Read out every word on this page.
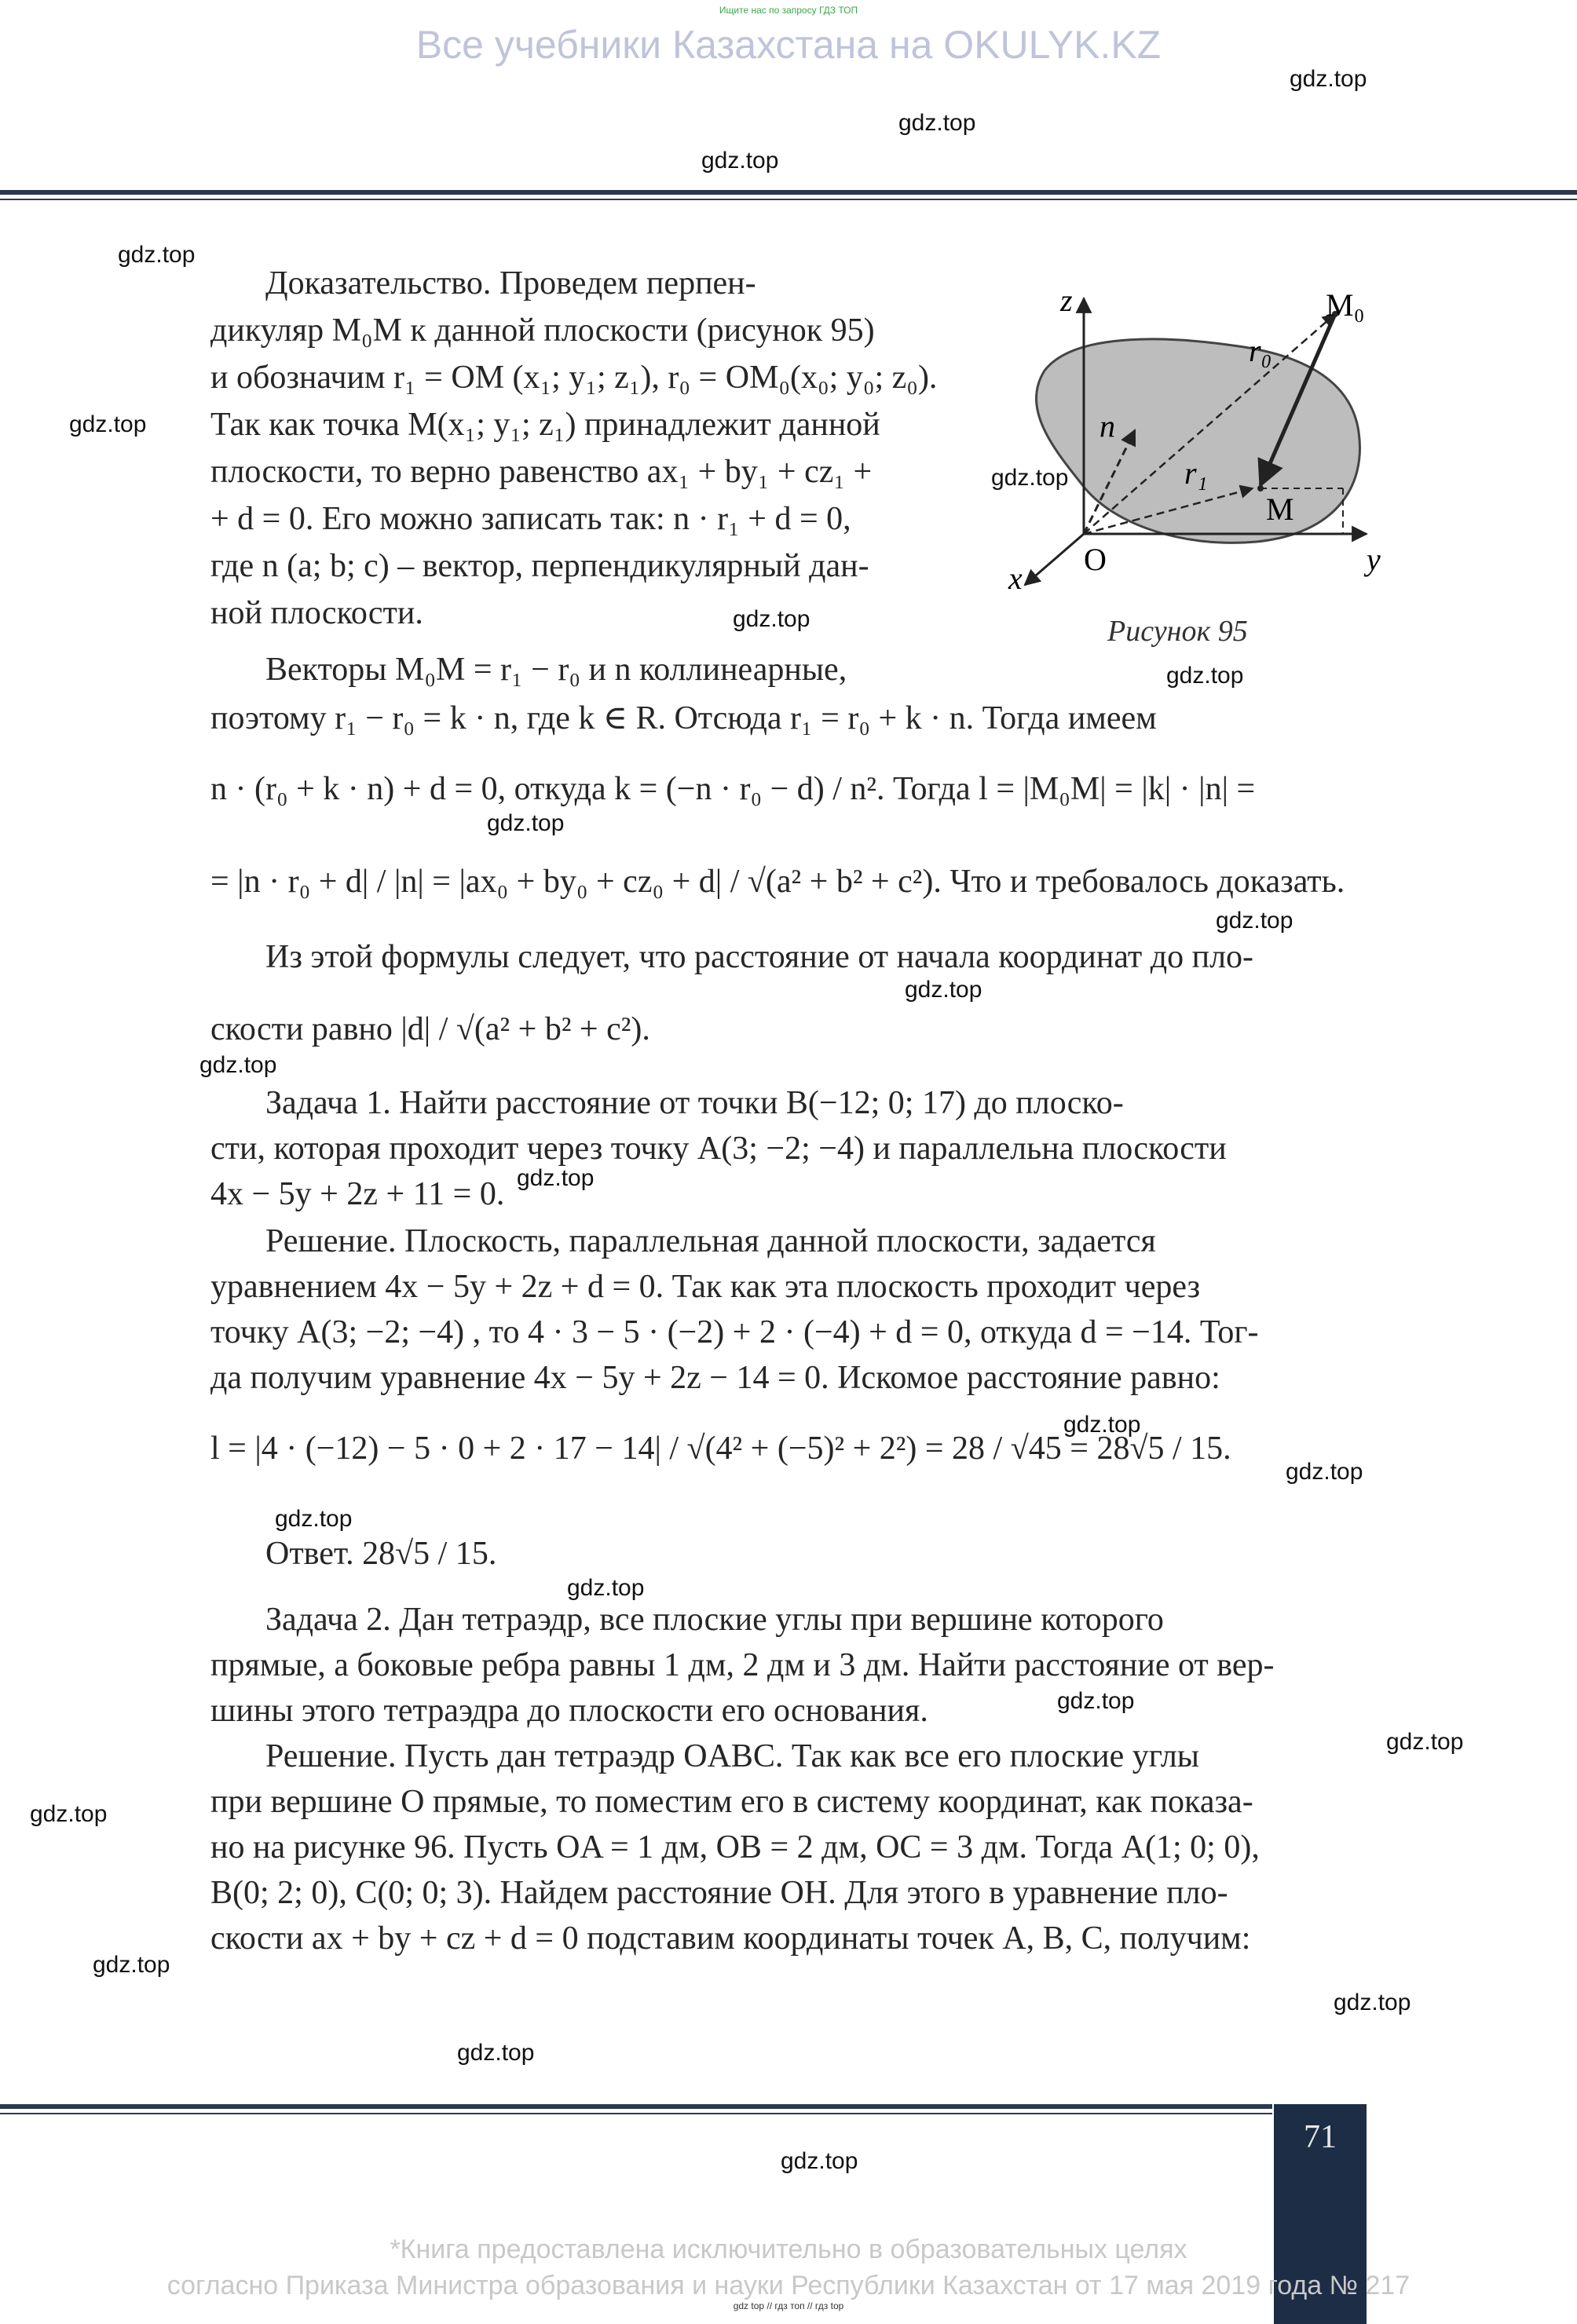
Ищите нас по запросу ГДЗ ТОП
Все учебники Казахстана на OKULYK.KZ
gdz.top
gdz.top
gdz.top
gdz.top
gdz.top
gdz.top
gdz.top
gdz.top
gdz.top
gdz.top
gdz.top
gdz.top
gdz.top
gdz.top
gdz.top
gdz.top
gdz.top
gdz.top
gdz.top
gdz.top
gdz.top
gdz.top
gdz.top
gdz.top
z
y
x
O
M₀
M
r₀
r₁
n
Рисунок 95
Доказательство. Проведем перпен-
дикуляр M₀M к данной плоскости (рисунок 95)
и обозначим r₁ = OM (x₁; y₁; z₁), r₀ = OM₀(x₀; y₀; z₀).
Так как точка M(x₁; y₁; z₁) принадлежит данной
плоскости, то верно равенство ax₁ + by₁ + cz₁ +
+ d = 0. Его можно записать так: n · r₁ + d = 0,
где n (a; b; c) – вектор, перпендикулярный дан-
ной плоскости.
Векторы M₀M = r₁ − r₀ и n коллинеарные,
поэтому r₁ − r₀ = k · n, где k ∈ R. Отсюда r₁ = r₀ + k · n. Тогда имеем
n · (r₀ + k · n) + d = 0, откуда k = (−n · r₀ − d) / n². Тогда l = |M₀M| = |k| · |n| =
= |n · r₀ + d| / |n| = |ax₀ + by₀ + cz₀ + d| / √(a² + b² + c²). Что и требовалось доказать.
Из этой формулы следует, что расстояние от начала координат до пло-
скости равно |d| / √(a² + b² + c²).
Задача 1. Найти расстояние от точки B(−12; 0; 17) до плоско-
сти, которая проходит через точку A(3; −2; −4) и параллельна плоскости
4x − 5y + 2z + 11 = 0.
Решение. Плоскость, параллельная данной плоскости, задается
уравнением 4x − 5y + 2z + d = 0. Так как эта плоскость проходит через
точку A(3; −2; −4) , то 4 · 3 − 5 · (−2) + 2 · (−4) + d = 0, откуда d = −14. Тог-
да получим уравнение 4x − 5y + 2z − 14 = 0. Искомое расстояние равно:
l = |4 · (−12) − 5 · 0 + 2 · 17 − 14| / √(4² + (−5)² + 2²) = 28 / √45 = 28√5 / 15.
Ответ. 28√5 / 15.
Задача 2. Дан тетраэдр, все плоские углы при вершине которого
прямые, а боковые ребра равны 1 дм, 2 дм и 3 дм. Найти расстояние от вер-
шины этого тетраэдра до плоскости его основания.
Решение. Пусть дан тетраэдр OABC. Так как все его плоские углы
при вершине O прямые, то поместим его в систему координат, как показа-
но на рисунке 96. Пусть OA = 1 дм, OB = 2 дм, OC = 3 дм. Тогда A(1; 0; 0),
B(0; 2; 0), C(0; 0; 3). Найдем расстояние OH. Для этого в уравнение пло-
скости ax + by + cz + d = 0 подставим координаты точек A, B, C, получим:
71
*Книга предоставлена исключительно в образовательных целях
согласно Приказа Министра образования и науки Республики Казахстан от 17 мая 2019 года № 217
gdz top // гдз топ // гдз top
